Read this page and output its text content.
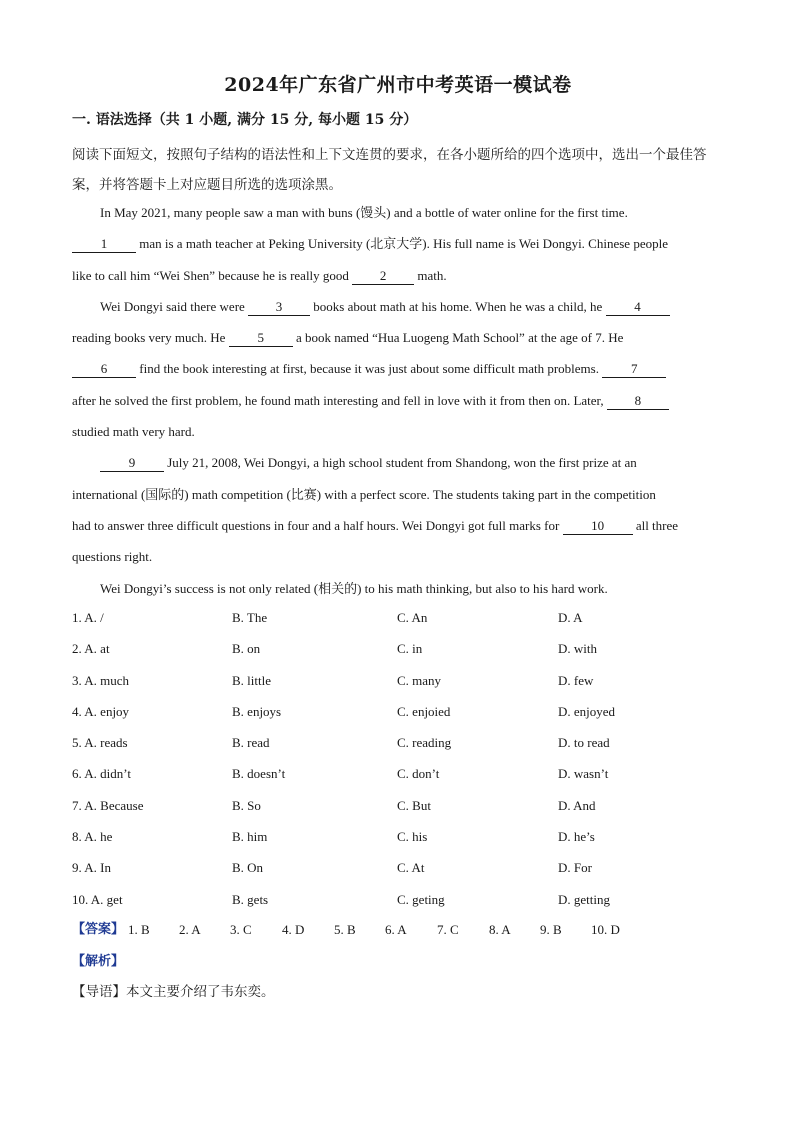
2024年广东省广州市中考英语一模试卷
一. 语法选择（共 1 小题, 满分 15 分, 每小题 15 分）
阅读下面短文，按照句子结构的语法性和上下文连贯的要求，在各小题所给的四个选项中，选出一个最佳答案，并将答题卡上对应题目所选的选项涂黑。
In May 2021, many people saw a man with buns (馒头) and a bottle of water online for the first time.
1 man is a math teacher at Peking University (北京大学). His full name is Wei Dongyi. Chinese people
like to call him “Wei Shen” because he is really good 2 math.
Wei Dongyi said there were 3 books about math at his home. When he was a child, he 4
reading books very much. He 5 a book named “Hua Luogeng Math School” at the age of 7. He
6 find the book interesting at first, because it was just about some difficult math problems. 7
after he solved the first problem, he found math interesting and fell in love with it from then on. Later, 8
studied math very hard.
9 July 21, 2008, Wei Dongyi, a high school student from Shandong, won the first prize at an
international (国际的) math competition (比赛) with a perfect score. The students taking part in the competition
had to answer three difficult questions in four and a half hours. Wei Dongyi got full marks for 10 all three
questions right.
Wei Dongyi’s success is not only related (相关的) to his math thinking, but also to his hard work.
1. A. /	B. The	C. An	D. A
2. A. at	B. on	C. in	D. with
3. A. much	B. little	C. many	D. few
4. A. enjoy	B. enjoys	C. enjoied	D. enjoyed
5. A. reads	B. read	C. reading	D. to read
6. A. didn’t	B. doesn’t	C. don’t	D. wasn’t
7. A. Because	B. So	C. But	D. And
8. A. he	B. him	C. his	D. he’s
9. A. In	B. On	C. At	D. For
10. A. get	B. gets	C. geting	D. getting
【答案】 1. B 2. A 3. C 4. D 5. B 6. A 7. C 8. A 9. B 10. D
【解析】
【导语】本文主要介绍了韦东奕。
